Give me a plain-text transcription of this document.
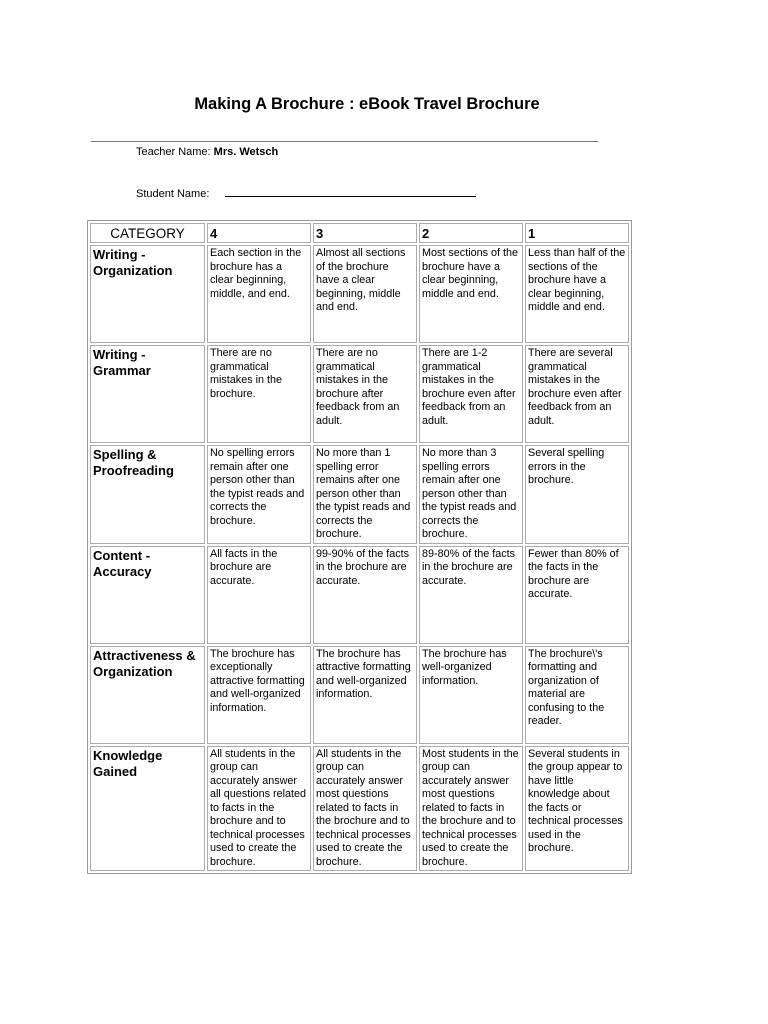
Making A Brochure : eBook Travel Brochure
Teacher Name: Mrs. Wetsch
Student Name:
CATEGORY	4	3	2	1
Writing - Organization	Each section in the brochure has a clear beginning, middle, and end.	Almost all sections of the brochure have a clear beginning, middle and end.	Most sections of the brochure have a clear beginning, middle and end.	Less than half of the sections of the brochure have a clear beginning, middle and end.
Writing - Grammar	There are no grammatical mistakes in the brochure.	There are no grammatical mistakes in the brochure after feedback from an adult.	There are 1-2 grammatical mistakes in the brochure even after feedback from an adult.	There are several grammatical mistakes in the brochure even after feedback from an adult.
Spelling & Proofreading	No spelling errors remain after one person other than the typist reads and corrects the brochure.	No more than 1 spelling error remains after one person other than the typist reads and corrects the brochure.	No more than 3 spelling errors remain after one person other than the typist reads and corrects the brochure.	Several spelling errors in the brochure.
Content - Accuracy	All facts in the brochure are accurate.	99-90% of the facts in the brochure are accurate.	89-80% of the facts in the brochure are accurate.	Fewer than 80% of the facts in the brochure are accurate.
Attractiveness & Organization	The brochure has exceptionally attractive formatting and well-organized information.	The brochure has attractive formatting and well-organized information.	The brochure has well-organized information.	The brochure\'s formatting and organization of material are confusing to the reader.
Knowledge Gained	All students in the group can accurately answer all questions related to facts in the brochure and to technical processes used to create the brochure.	All students in the group can accurately answer most questions related to facts in the brochure and to technical processes used to create the brochure.	Most students in the group can accurately answer most questions related to facts in the brochure and to technical processes used to create the brochure.	Several students in the group appear to have little knowledge about the facts or technical processes used in the brochure.
